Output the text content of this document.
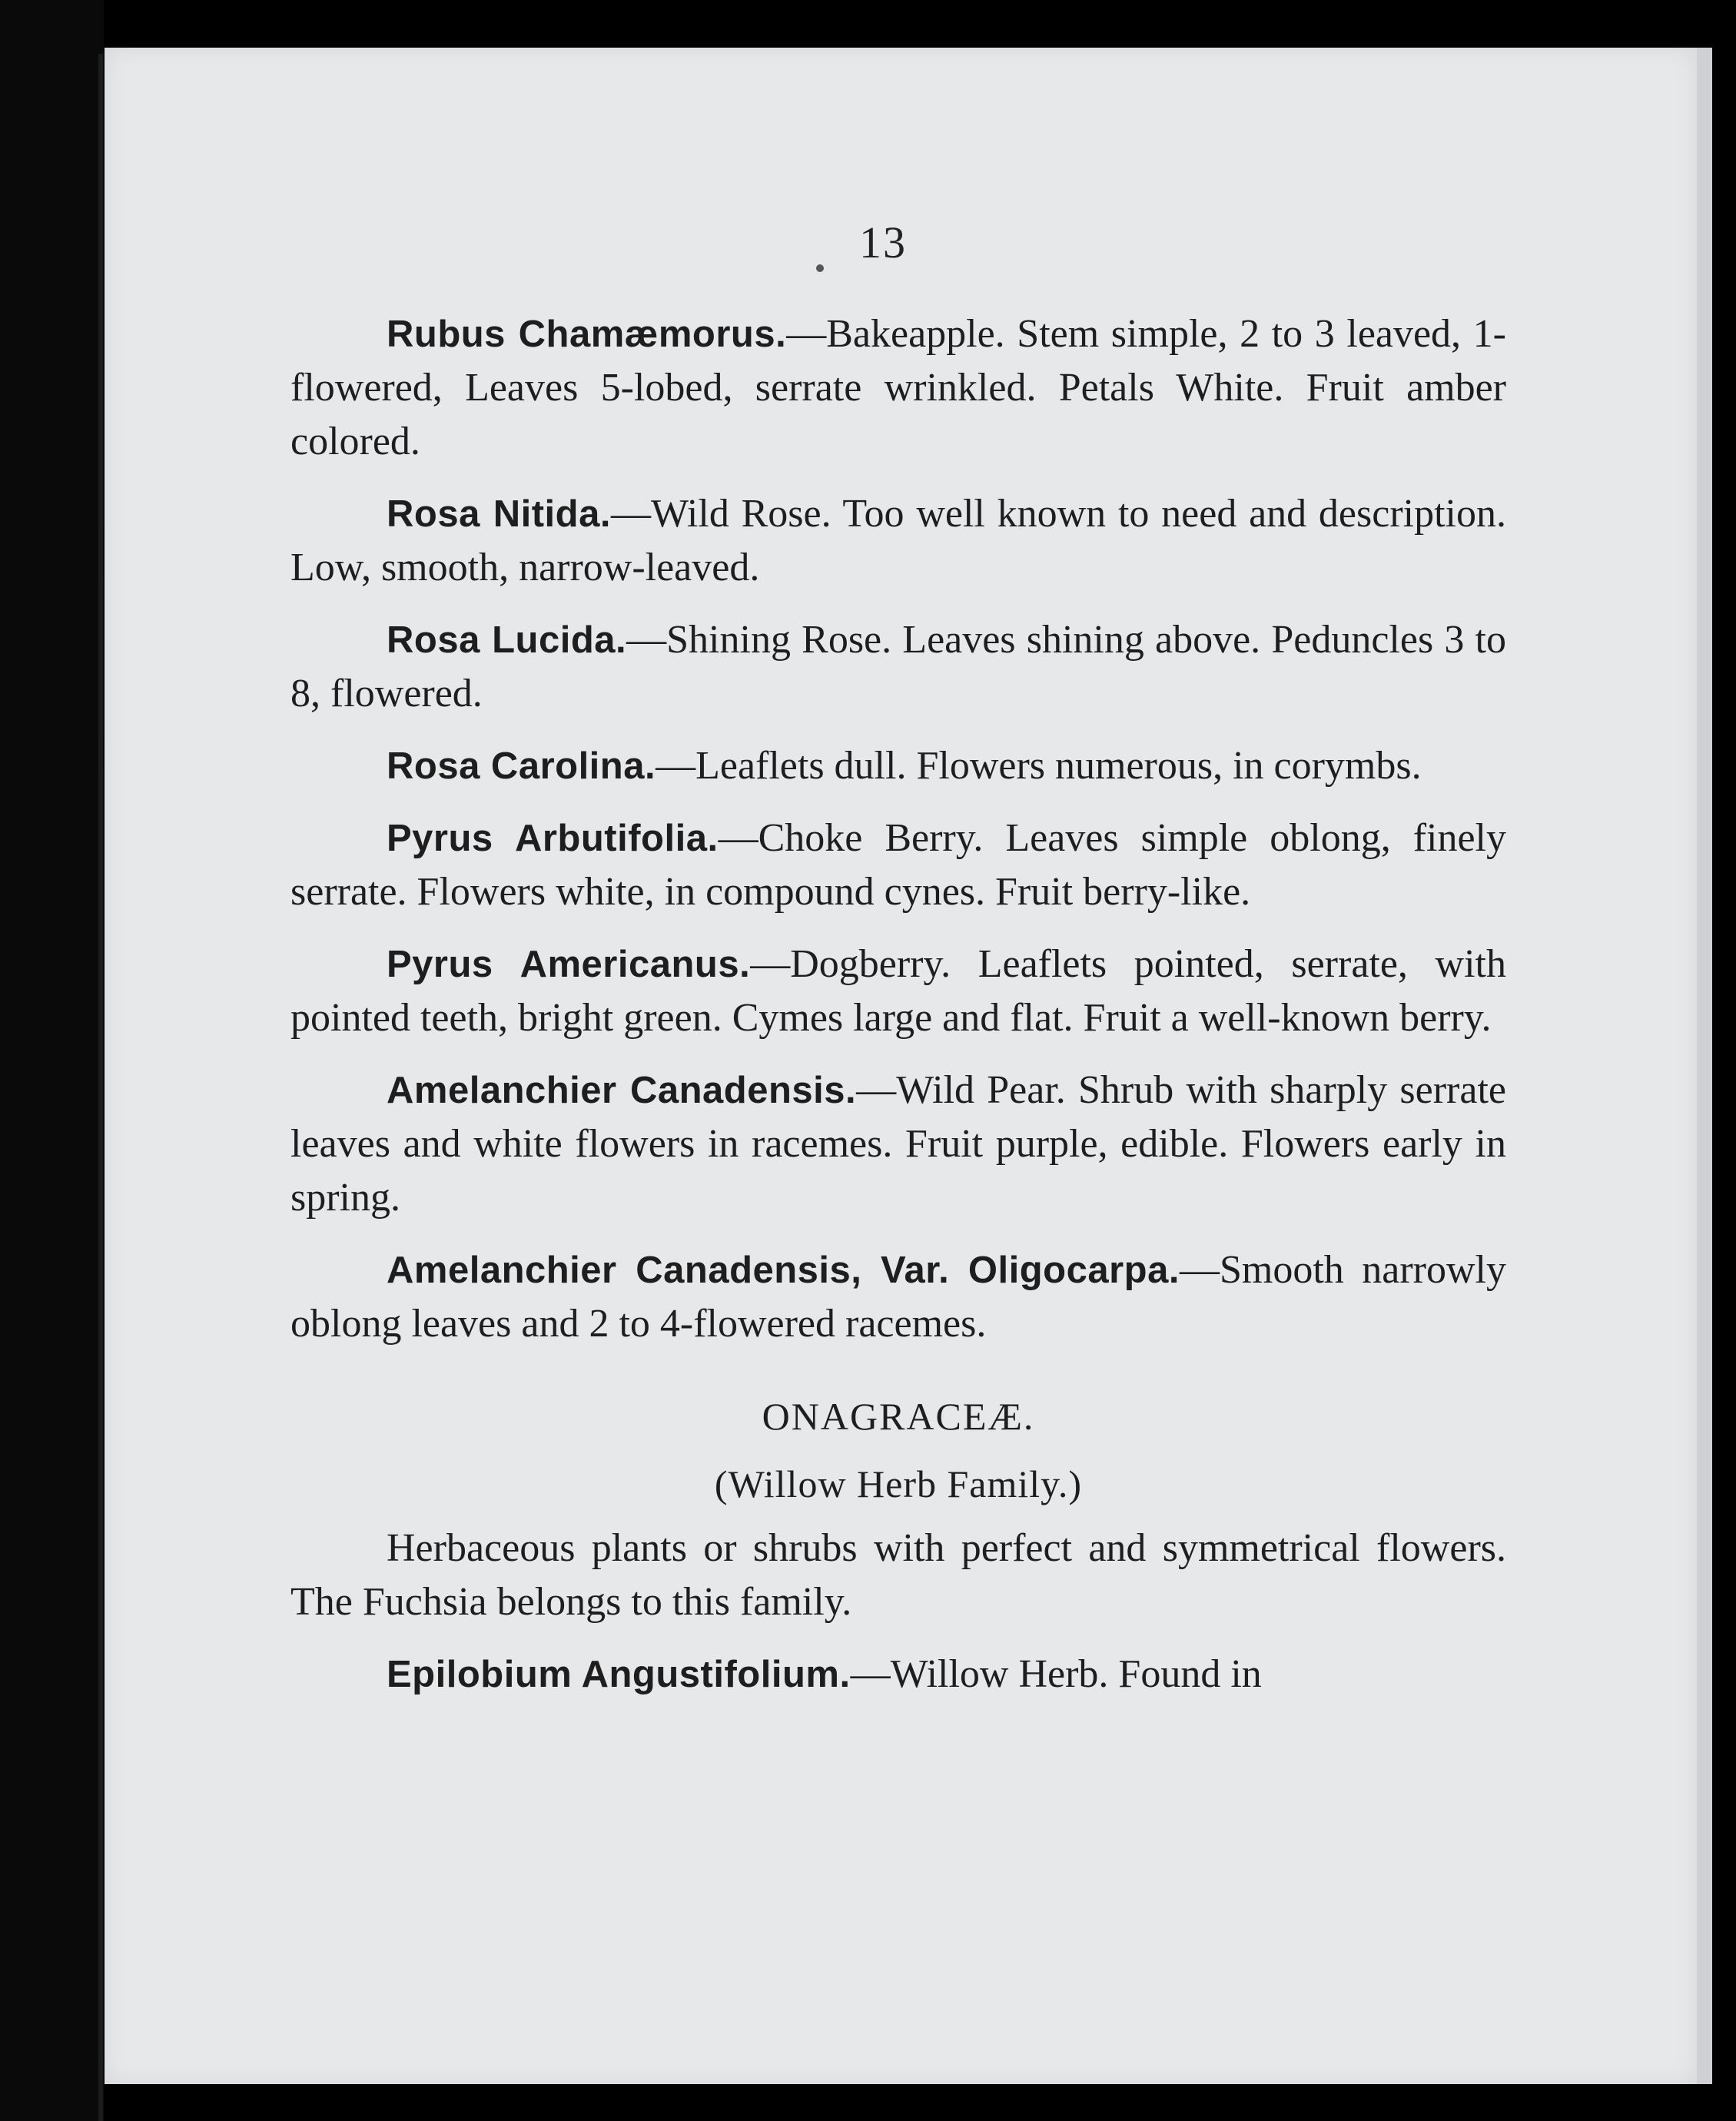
13

Rubus Chamæmorus.—Bakeapple. Stem simple, 2 to 3 leaved, 1-flowered, Leaves 5-lobed, serrate wrinkled. Petals White. Fruit amber colored.

Rosa Nitida.—Wild Rose. Too well known to need and description. Low, smooth, narrow-leaved.

Rosa Lucida.—Shining Rose. Leaves shining above. Peduncles 3 to 8, flowered.

Rosa Carolina.—Leaflets dull. Flowers numerous, in corymbs.

Pyrus Arbutifolia.—Choke Berry. Leaves simple oblong, finely serrate. Flowers white, in compound cynes. Fruit berry-like.

Pyrus Americanus.—Dogberry. Leaflets pointed, serrate, with pointed teeth, bright green. Cymes large and flat. Fruit a well-known berry.

Amelanchier Canadensis.—Wild Pear. Shrub with sharply serrate leaves and white flowers in racemes. Fruit purple, edible. Flowers early in spring.

Amelanchier Canadensis, Var. Oligocarpa.—Smooth narrowly oblong leaves and 2 to 4-flowered racemes.

ONAGRACEÆ.
(Willow Herb Family.)

Herbaceous plants or shrubs with perfect and symmetrical flowers. The Fuchsia belongs to this family.

Epilobium Angustifolium.—Willow Herb. Found in
